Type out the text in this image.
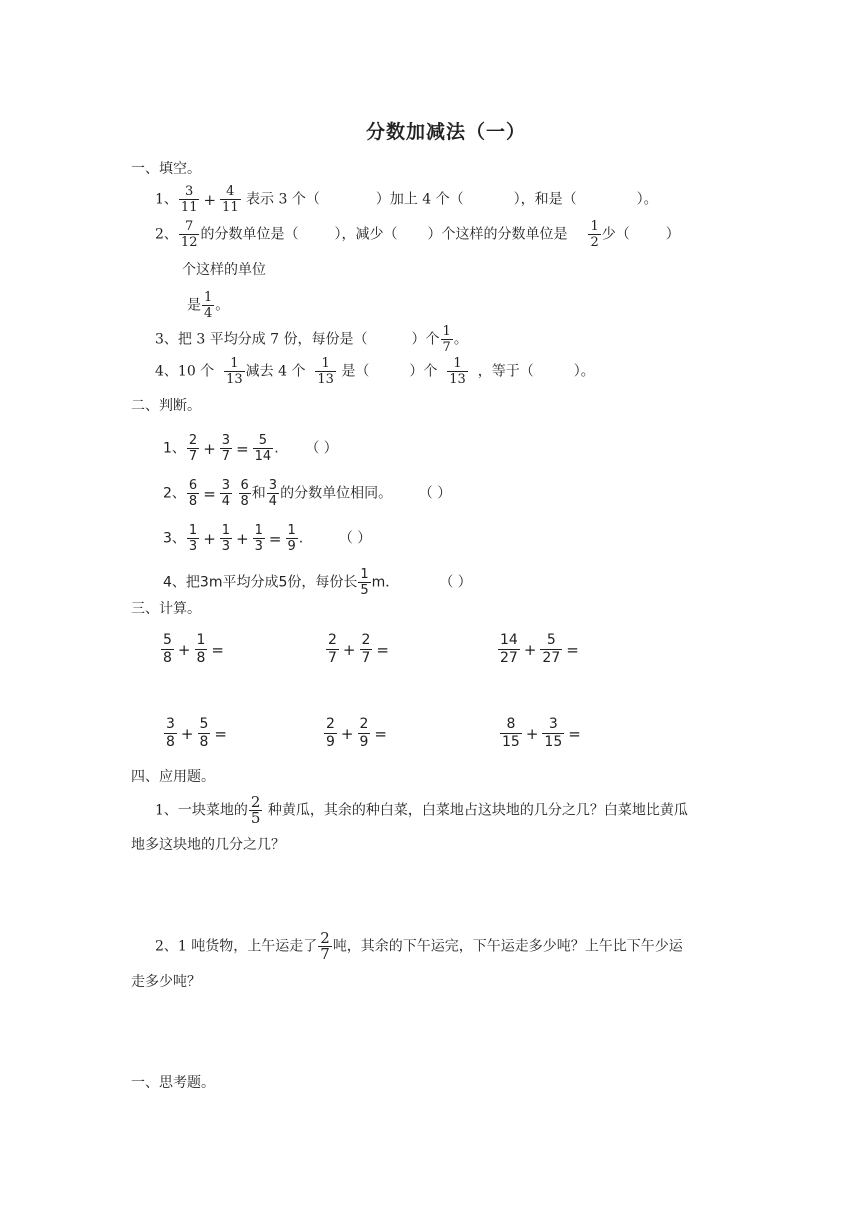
分数加减法（一）
一、填空。
1、 $\frac{3}{11} + \frac{4}{11}$ 表示 3 个（	）加上 4 个（	），和是（	）。
2、 $\frac{7}{12}$ 的分数单位是（	），减少（ ）个这样的分数单位是 $\frac{1}{2}$ 少（	）
个这样的单位
是 $\frac{1}{4}$ 。
3、把 3 平均分成 7 份，每份是（	）个 $\frac{1}{7}$ 。
4、10 个 $\frac{1}{13}$ 减去 4 个 $\frac{1}{13}$ 是（	）个 $\frac{1}{13}$ ，等于（	）。
二、判断。
1、 $\frac{2}{7} + \frac{3}{7} = \frac{5}{14}$ . （ ）
2、 $\frac{6}{8} = \frac{3}{4}$
$\frac{6}{8}$ 和 $\frac{3}{4}$ 的分数单位相同。 （ ）
3、 $\frac{1}{3} + \frac{1}{3} + \frac{1}{3} = \frac{1}{9}$ .	（ ）
4、把3m平均分成5份，每份长 $\frac{1}{5}$ m．	（ ）
三、计算。
$\frac{5}{8} + \frac{1}{8}$ =	$\frac{2}{7} + \frac{2}{7}$ =	$\frac{14}{27} + \frac{5}{27}$ =
$\frac{3}{8} + \frac{5}{8}$ =	$\frac{2}{9} + \frac{2}{9}$ =	$\frac{8}{15} + \frac{3}{15}$ =
四、应用题。
1、一块菜地的 $\frac{2}{5}$ 种黄瓜，其余的种白菜，白菜地占这块地的几分之几？白菜地比黄瓜
地多这块地的几分之几？
2、1 吨货物，上午运走了 $\frac{2}{7}$ 吨，其余的下午运完，下午运走多少吨？上午比下午少运
走多少吨？
一、思考题。
